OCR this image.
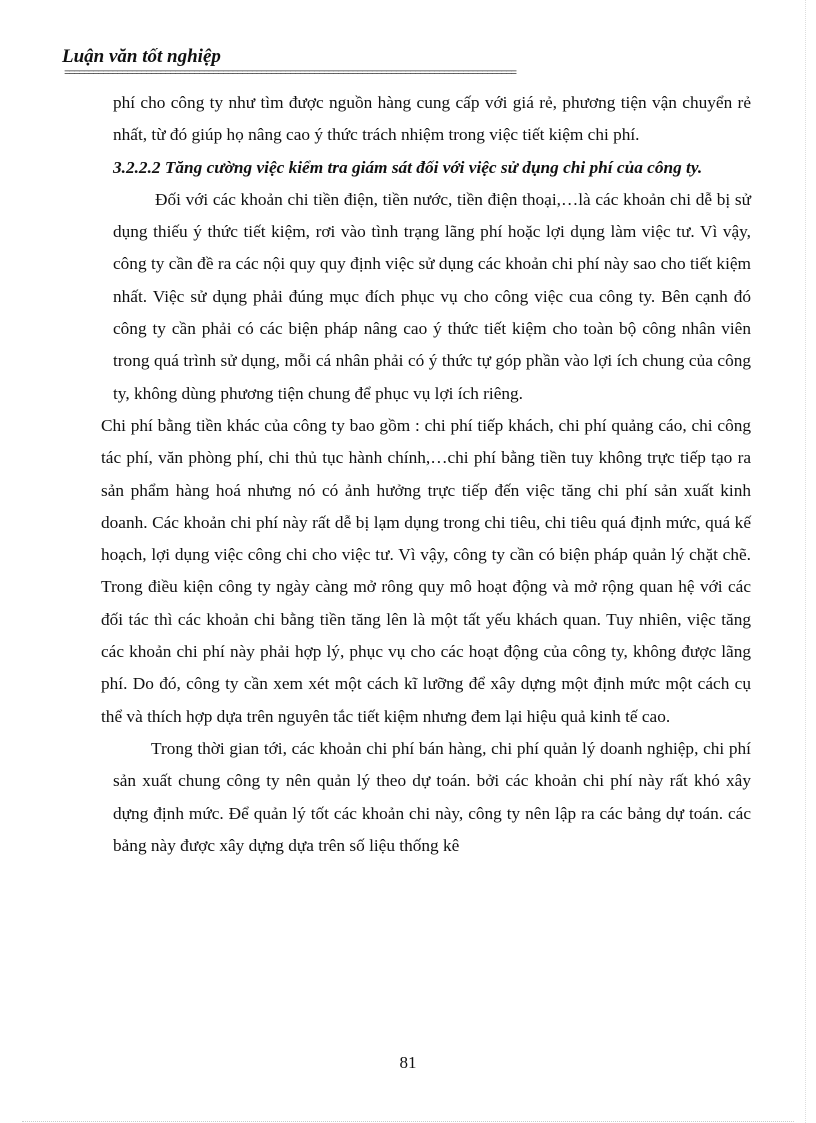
Luận văn tốt nghiệp
==============================================================================================

phí cho công ty như tìm được nguồn hàng cung cấp với giá rẻ, phương tiện vận chuyển rẻ nhất, từ đó giúp họ nâng cao ý thức trách nhiệm trong việc tiết kiệm chi phí.

3.2.2.2 Tăng cường việc kiểm tra giám sát đối với việc sử dụng chi phí của công ty.

Đối với các khoản chi tiền điện, tiền nước, tiền điện thoại,…là các khoản chi dễ bị sử dụng thiếu ý thức tiết kiệm, rơi vào tình trạng lãng phí hoặc lợi dụng làm việc tư. Vì vậy, công ty cần đề ra các nội quy quy định việc sử dụng các khoản chi phí này sao cho tiết kiệm nhất. Việc sử dụng phải đúng mục đích phục vụ cho công việc cua công ty. Bên cạnh đó công ty cần phải có các biện pháp nâng cao ý thức tiết kiệm cho toàn bộ công nhân viên trong quá trình sử dụng, mỗi cá nhân phải có ý thức tự góp phần vào lợi ích chung của công ty, không dùng phương tiện chung để phục vụ lợi ích riêng.

Chi phí bằng tiền khác của công ty bao gồm : chi phí tiếp khách, chi phí quảng cáo, chi công tác phí, văn phòng phí, chi thủ tục hành chính,…chi phí bằng tiền tuy không trực tiếp tạo ra sản phẩm hàng hoá nhưng nó có ảnh hưởng trực tiếp đến việc tăng chi phí sản xuất kinh doanh. Các khoản chi phí này rất dễ bị lạm dụng trong chi tiêu, chi tiêu quá định mức, quá kế hoạch, lợi dụng việc công chi cho việc tư. Vì vậy, công ty cần có biện pháp quản lý chặt chẽ. Trong điều kiện công ty ngày càng mở rông quy mô hoạt động và mở rộng quan hệ với các đối tác thì các khoản chi bằng tiền tăng lên là một tất yếu khách quan. Tuy nhiên, việc tăng các khoản chi phí này phải hợp lý, phục vụ cho các hoạt động của công ty, không được lãng phí. Do đó, công ty cần xem xét một cách kĩ lưỡng để xây dựng một định mức một cách cụ thể và thích hợp dựa trên nguyên tắc tiết kiệm nhưng đem lại hiệu quả kinh tế cao.

Trong thời gian tới, các khoản chi phí bán hàng, chi phí quản lý doanh nghiệp, chi phí sản xuất chung công ty nên quản lý theo dự toán. bởi các khoản chi phí này rất khó xây dựng định mức. Để quản lý tốt các khoản chi này, công ty nên lập ra các bảng dự toán. các bảng này được xây dựng dựa trên số liệu thống kê

81
